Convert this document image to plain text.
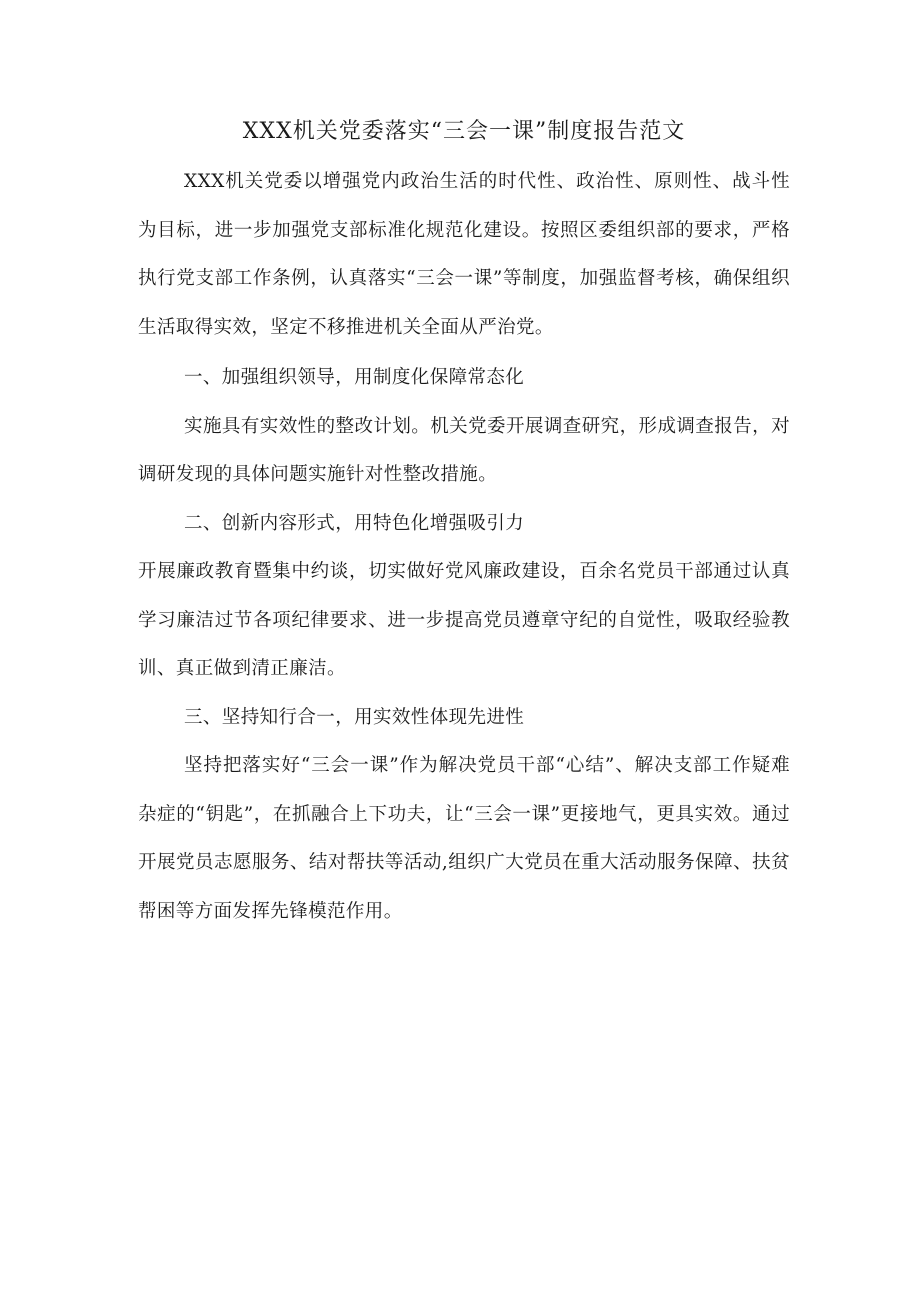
XXX机关党委落实“三会一课”制度报告范文

XXX机关党委以增强党内政治生活的时代性、政治性、原则性、战斗性为目标，进一步加强党支部标准化规范化建设。按照区委组织部的要求，严格执行党支部工作条例，认真落实“三会一课”等制度，加强监督考核，确保组织生活取得实效，坚定不移推进机关全面从严治党。

一、加强组织领导，用制度化保障常态化

实施具有实效性的整改计划。机关党委开展调查研究，形成调查报告，对调研发现的具体问题实施针对性整改措施。

二、创新内容形式，用特色化增强吸引力

开展廉政教育暨集中约谈，切实做好党风廉政建设，百余名党员干部通过认真学习廉洁过节各项纪律要求、进一步提高党员遵章守纪的自觉性，吸取经验教训、真正做到清正廉洁。

三、坚持知行合一，用实效性体现先进性

坚持把落实好“三会一课”作为解决党员干部“心结”、解决支部工作疑难杂症的“钥匙”，在抓融合上下功夫，让“三会一课”更接地气，更具实效。通过开展党员志愿服务、结对帮扶等活动,组织广大党员在重大活动服务保障、扶贫帮困等方面发挥先锋模范作用。
